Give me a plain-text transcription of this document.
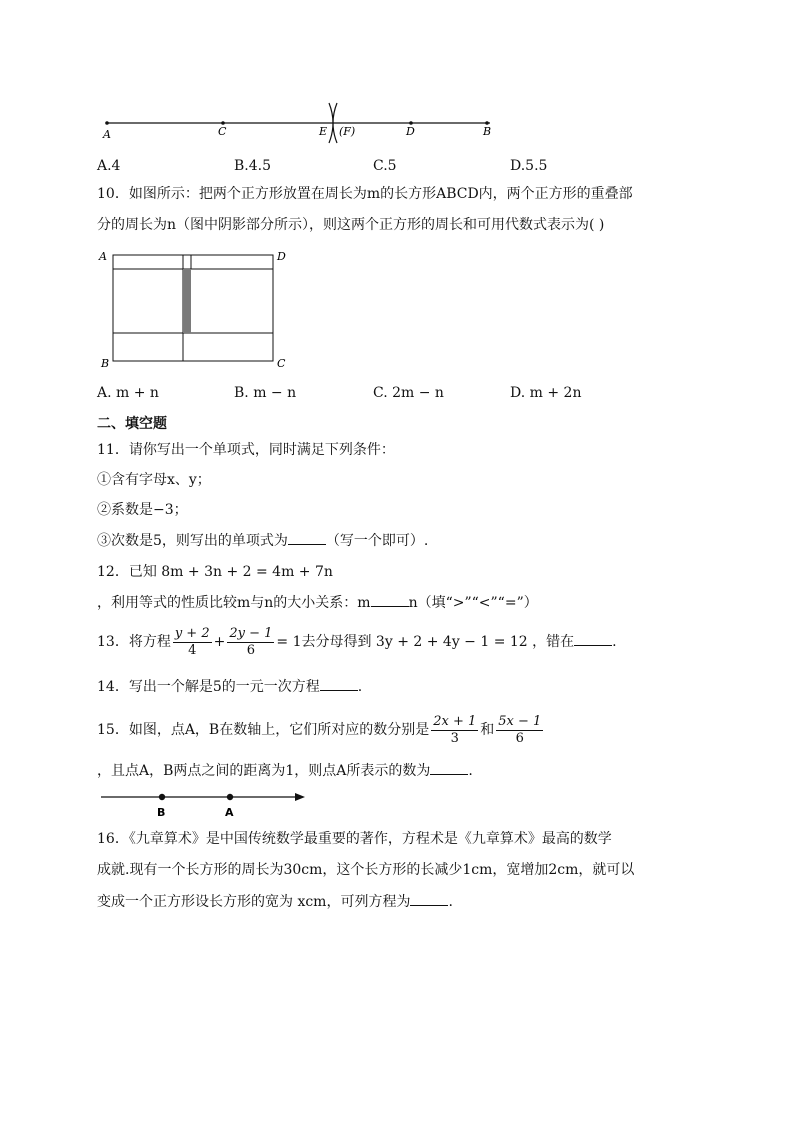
A	C	E (F)	D	B
A.4	B.4.5	C.5	D.5.5
10．如图所示：把两个正方形放置在周长为m的长方形ABCD内，两个正方形的重叠部
分的周长为n（图中阴影部分所示），则这两个正方形的周长和可用代数式表示为( )
A	D
B	C
A. m + n	B. m − n	C. 2m − n	D. m + 2n
二、填空题
11．请你写出一个单项式，同时满足下列条件：
①含有字母x、y；
②系数是−3；
③次数是5，则写出的单项式为	（写一个即可）.
12．已知 8m + 3n + 2 = 4m + 7n
，利用等式的性质比较m与n的大小关系：m	n（填“>”“<”“=”）
13．将方程 $\frac{y + 2}{4} + \frac{2y - 1}{6} = 1$去分母得到 3y + 2 + 4y − 1 = 12 ，错在	.
14．写出一个解是5的一元一次方程	.
15．如图，点A，B在数轴上，它们所对应的数分别是 $\frac{2x + 1}{3}$ 和 $\frac{5x - 1}{6}$
，且点A，B两点之间的距离为1，则点A所表示的数为	.
B	A
16．《九章算术》是中国传统数学最重要的著作，方程术是《九章算术》最高的数学
成就.现有一个长方形的周长为30cm，这个长方形的长减少1cm，宽增加2cm，就可以
变成一个正方形设长方形的宽为 xcm，可列方程为	.
